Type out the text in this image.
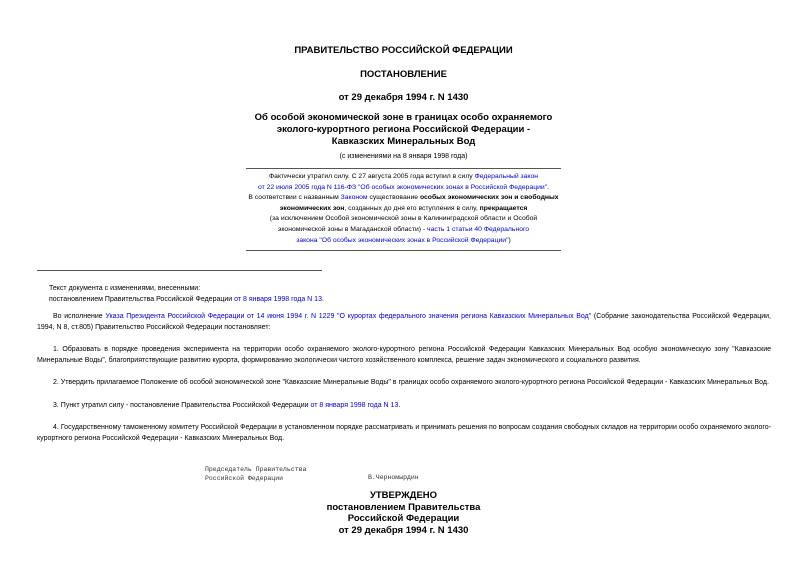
ПРАВИТЕЛЬСТВО РОССИЙСКОЙ ФЕДЕРАЦИИ
ПОСТАНОВЛЕНИЕ
от 29 декабря 1994 г. N 1430
Об особой экономической зоне в границах особо охраняемого
эколого-курортного региона Российской Федерации -
Кавказских Минеральных Вод
(с изменениями на 8 января 1998 года)
Фактически утратил силу. С 27 августа 2005 года вступил в силу Федеральный закон
от 22 июля 2005 года N 116-ФЗ "Об особых экономических зонах в Российской Федерации".
В соответствии с названным Законом существование особых экономических зон и свободных
экономических зон, созданных до дня его вступления в силу, прекращается
(за исключением Особой экономической зоны в Калининградской области и Особой
экономической зоны в Магаданской области) - часть 1 статьи 40 Федерального
закона "Об особых экономических зонах в Российской Федерации")
Текст документа с изменениями, внесенными:
постановлением Правительства Российской Федерации от 8 января 1998 года N 13.

Во исполнение Указа Президента Российской Федерации от 14 июня 1994 г. N 1229 "О курортах федерального значения региона Кавказских Минеральных Вод" (Собрание законодательства Российской Федерации, 1994, N 8, ст.805) Правительство Российской Федерации постановляет:

1. Образовать в порядке проведения эксперимента на территории особо охраняемого эколого-курортного региона Российской Федерации Кавказских Минеральных Вод особую экономическую зону "Кавказские Минеральные Воды", благоприятствующие развитию курорта, формированию экологически чистого хозяйственного комплекса, решение задач экономического и социального развития.

2. Утвердить прилагаемое Положение об особой экономической зоне "Кавказские Минеральные Воды" в границах особо охраняемого эколого-курортного региона Российской Федерации - Кавказских Минеральных Вод.

3. Пункт утратил силу - постановление Правительства Российской Федерации от 8 января 1998 года N 13.

4. Государственному таможенному комитету Российской Федерации в установленном порядке рассматривать и принимать решения по вопросам создания свободных складов на территории особо охраняемого эколого-курортного региона Российской Федерации - Кавказских Минеральных Вод.

Председатель Правительства
Российской Федерации	В.Черномырдин
УТВЕРЖДЕНО
постановлением Правительства
Российской Федерации
от 29 декабря 1994 г. N 1430
